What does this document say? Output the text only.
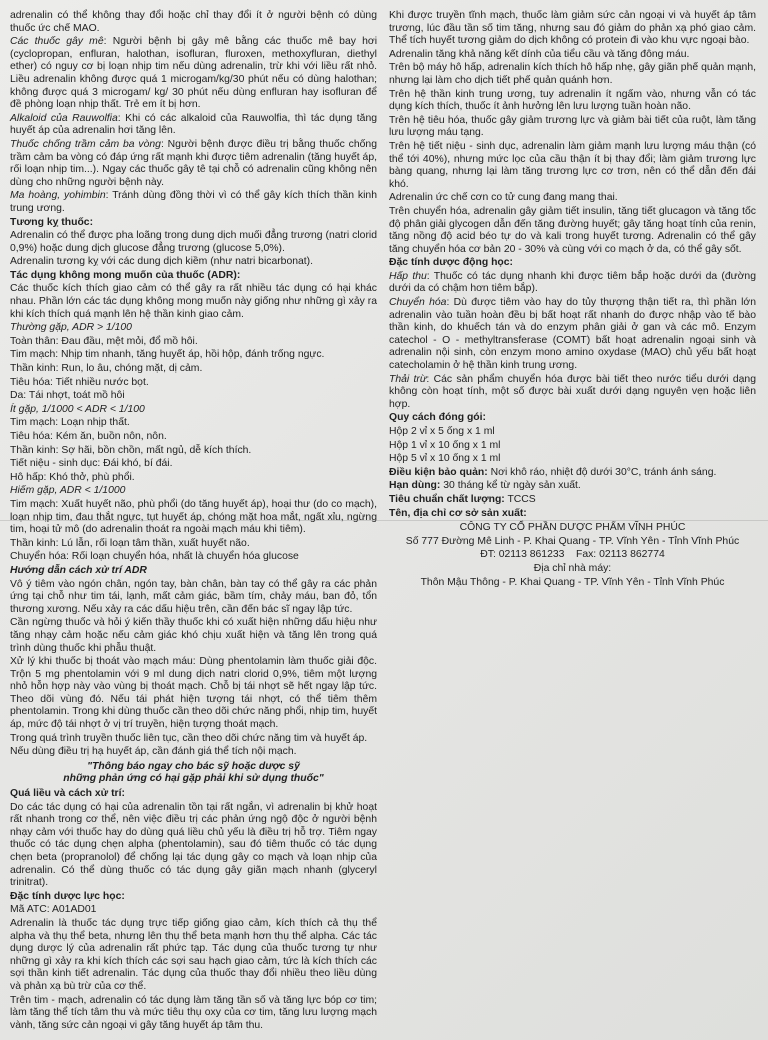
adrenalin có thể không thay đổi hoặc chỉ thay đổi ít ở người bệnh có dùng thuốc ức chế MAO.

Các thuốc gây mê: Người bệnh bị gây mê bằng các thuốc mê bay hơi (cyclopropan, enfluran, halothan, isofluran, fluroxen, methoxyfluran, diethyl ether) có nguy cơ bị loạn nhịp tim nếu dùng adrenalin, trừ khi với liều rất nhỏ. Liều adrenalin không được quá 1 microgam/kg/30 phút nếu có dùng halothan; không được quá 3 microgam/ kg/ 30 phút nếu dùng enfluran hay isofluran để đề phòng loạn nhịp thất. Trẻ em ít bị hơn.

Alkaloid của Rauwolfia: Khi có các alkaloid của Rauwolfia, thì tác dụng tăng huyết áp của adrenalin hơi tăng lên.

Thuốc chống trầm cảm ba vòng: Người bệnh được điều trị bằng thuốc chống trầm cảm ba vòng có đáp ứng rất mạnh khi được tiêm adrenalin (tăng huyết áp, rối loạn nhịp tim...). Ngay các thuốc gây tê tại chỗ có adrenalin cũng không nên dùng cho những người bệnh này.

Ma hoàng, yohimbin: Tránh dùng đồng thời vì có thể gây kích thích thần kinh trung ương.

Tương kỵ thuốc:

Adrenalin có thể được pha loãng trong dung dịch muối đẳng trương (natri clorid 0,9%) hoặc dung dịch glucose đẳng trương (glucose 5,0%).

Adrenalin tương kỵ với các dung dịch kiềm (như natri bicarbonat).

Tác dụng không mong muốn của thuốc (ADR):

Các thuốc kích thích giao cảm có thể gây ra rất nhiều tác dụng có hại khác nhau. Phần lớn các tác dụng không mong muốn này giống như những gì xảy ra khi kích thích quá mạnh lên hệ thần kinh giao cảm.

Thường gặp, ADR > 1/100

Toàn thân: Đau đầu, mệt mỏi, đổ mồ hôi.

Tim mạch: Nhịp tim nhanh, tăng huyết áp, hồi hộp, đánh trống ngực.

Thần kinh: Run, lo âu, chóng mặt, dị cảm.

Tiêu hóa: Tiết nhiều nước bọt.

Da: Tái nhợt, toát mồ hôi

Ít gặp, 1/1000 < ADR < 1/100

Tim mạch: Loạn nhịp thất.

Tiêu hóa: Kém ăn, buồn nôn, nôn.

Thần kinh: Sợ hãi, bồn chồn, mất ngủ, dễ kích thích.

Tiết niệu - sinh dục: Đái khó, bí đái.

Hô hấp: Khó thở, phù phổi.

Hiếm gặp, ADR < 1/1000

Tim mạch: Xuất huyết não, phù phổi (do tăng huyết áp), hoại thư (do co mạch), loạn nhịp tim, đau thắt ngực, tụt huyết áp, chóng mặt hoa mắt, ngất xỉu, ngừng tim, hoại tử mô (do adrenalin thoát ra ngoài mạch máu khi tiêm).

Thần kinh: Lú lẫn, rối loạn tâm thần, xuất huyết não.

Chuyển hóa: Rối loạn chuyển hóa, nhất là chuyển hóa glucose

Hướng dẫn cách xử trí ADR

Vô ý tiêm vào ngón chân, ngón tay, bàn chân, bàn tay có thể gây ra các phản ứng tại chỗ như tim tái, lạnh, mất cảm giác, bầm tím, chảy máu, ban đỏ, tổn thương xương. Nếu xảy ra các dấu hiệu trên, cần đến bác sĩ ngay lập tức.

Cần ngừng thuốc và hỏi ý kiến thầy thuốc khi có xuất hiện những dấu hiệu như tăng nhạy cảm hoặc nếu cảm giác khó chịu xuất hiện và tăng lên trong quá trình dùng thuốc khi phẫu thuật.

Xử lý khi thuốc bị thoát vào mạch máu: Dùng phentolamin làm thuốc giải độc. Trộn 5 mg phentolamin với 9 ml dung dịch natri clorid 0,9%, tiêm một lượng nhỏ hỗn hợp này vào vùng bị thoát mạch. Chỗ bị tái nhợt sẽ hết ngay lập tức. Theo dõi vùng đó. Nếu tái phát hiện tượng tái nhợt, có thể tiêm thêm phentolamin. Trong khi dùng thuốc cần theo dõi chức năng phổi, nhịp tim, huyết áp, mức độ tái nhợt ở vị trí truyền, hiện tượng thoát mạch.

Trong quá trình truyền thuốc liên tục, cần theo dõi chức năng tim và huyết áp.

Nếu dùng điều trị hạ huyết áp, cần đánh giá thể tích nội mạch.

"Thông báo ngay cho bác sỹ hoặc dược sỹ
những phản ứng có hại gặp phải khi sử dụng thuốc"

Quá liều và cách xử trí:

Do các tác dụng có hại của adrenalin tồn tại rất ngắn, vì adrenalin bị khử hoạt rất nhanh trong cơ thể, nên việc điều trị các phản ứng ngộ độc ở người bệnh nhạy cảm với thuốc hay do dùng quá liều chủ yếu là điều trị hỗ trợ. Tiêm ngay thuốc có tác dụng chẹn alpha (phentolamin), sau đó tiêm thuốc có tác dụng chẹn beta (propranolol) để chống lại tác dụng gây co mạch và loạn nhịp của adrenalin. Có thể dùng thuốc có tác dụng gây giãn mạch nhanh (glyceryl trinitrat).

Đặc tính dược lực học:

Mã ATC: A01AD01

Adrenalin là thuốc tác dụng trực tiếp giống giao cảm, kích thích cả thụ thể alpha và thụ thể beta, nhưng lên thụ thể beta mạnh hơn thụ thể alpha. Các tác dụng dược lý của adrenalin rất phức tạp. Tác dụng của thuốc tương tự như những gì xảy ra khi kích thích các sợi sau hạch giao cảm, tức là kích thích các sợi thần kinh tiết adrenalin. Tác dụng của thuốc thay đổi nhiều theo liều dùng và phản xạ bù trừ của cơ thể.

Trên tim - mạch, adrenalin có tác dụng làm tăng tần số và tăng lực bóp cơ tim; làm tăng thể tích tâm thu và mức tiêu thụ oxy của cơ tim, tăng lưu lượng mạch vành, tăng sức cản ngoại vi gây tăng huyết áp tâm thu.

Khi được truyền tĩnh mạch, thuốc làm giảm sức cản ngoại vi và huyết áp tâm trương, lúc đầu tần số tim tăng, nhưng sau đó giảm do phản xạ phó giao cảm. Thể tích huyết tương giảm do dịch không có protein đi vào khu vực ngoại bào.

Adrenalin tăng khả năng kết dính của tiểu cầu và tăng đông máu.

Trên bộ máy hô hấp, adrenalin kích thích hô hấp nhẹ, gây giãn phế quản mạnh, nhưng lại làm cho dịch tiết phế quản quánh hơn.

Trên hệ thần kinh trung ương, tuy adrenalin ít ngấm vào, nhưng vẫn có tác dụng kích thích, thuốc ít ảnh hưởng lên lưu lượng tuần hoàn não.

Trên hệ tiêu hóa, thuốc gây giảm trương lực và giảm bài tiết của ruột, làm tăng lưu lượng máu tạng.

Trên hệ tiết niệu - sinh dục, adrenalin làm giảm mạnh lưu lượng máu thận (có thể tới 40%), nhưng mức lọc của cầu thận ít bị thay đổi; làm giảm trương lực bàng quang, nhưng lại làm tăng trương lực cơ trơn, nên có thể dẫn đến đái khó.

Adrenalin ức chế cơn co tử cung đang mang thai.

Trên chuyển hóa, adrenalin gây giảm tiết insulin, tăng tiết glucagon và tăng tốc độ phân giải glycogen dẫn đến tăng đường huyết; gây tăng hoạt tính của renin, tăng nồng độ acid béo tự do và kali trong huyết tương. Adrenalin có thể gây tăng chuyển hóa cơ bản 20 - 30% và cùng với co mạch ở da, có thể gây sốt.

Đặc tính dược động học:

Hấp thu: Thuốc có tác dụng nhanh khi được tiêm bắp hoặc dưới da (đường dưới da có chậm hơn tiêm bắp).

Chuyển hóa: Dù được tiêm vào hay do tủy thượng thận tiết ra, thì phần lớn adrenalin vào tuần hoàn đều bị bất hoạt rất nhanh do được nhập vào tế bào thần kinh, do khuếch tán và do enzym phân giải ở gan và các mô. Enzym catechol - O - methyltransferase (COMT) bất hoạt adrenalin ngoại sinh và adrenalin nội sinh, còn enzym mono amino oxydase (MAO) chủ yếu bất hoạt catecholamin ở hệ thần kinh trung ương.

Thải trừ: Các sản phẩm chuyển hóa được bài tiết theo nước tiểu dưới dạng không còn hoạt tính, một số được bài xuất dưới dạng nguyên vẹn hoặc liên hợp.

Quy cách đóng gói:

Hộp 2 vỉ x 5 ống x 1 ml

Hộp 1 vỉ x 10 ống x 1 ml

Hộp 5 vỉ x 10 ống x 1 ml

Điều kiện bảo quản: Nơi khô ráo, nhiệt độ dưới 30°C, tránh ánh sáng.

Hạn dùng: 30 tháng kể từ ngày sản xuất.

Tiêu chuẩn chất lượng: TCCS

Tên, địa chỉ cơ sở sản xuất:

CÔNG TY CỔ PHẦN DƯỢC PHẨM VĨNH PHÚC

Số 777 Đường Mê Linh - P. Khai Quang - TP. Vĩnh Yên - Tỉnh Vĩnh Phúc

ĐT: 02113 861233 Fax: 02113 862774

Địa chỉ nhà máy:

Thôn Mậu Thông - P. Khai Quang - TP. Vĩnh Yên - Tỉnh Vĩnh Phúc
